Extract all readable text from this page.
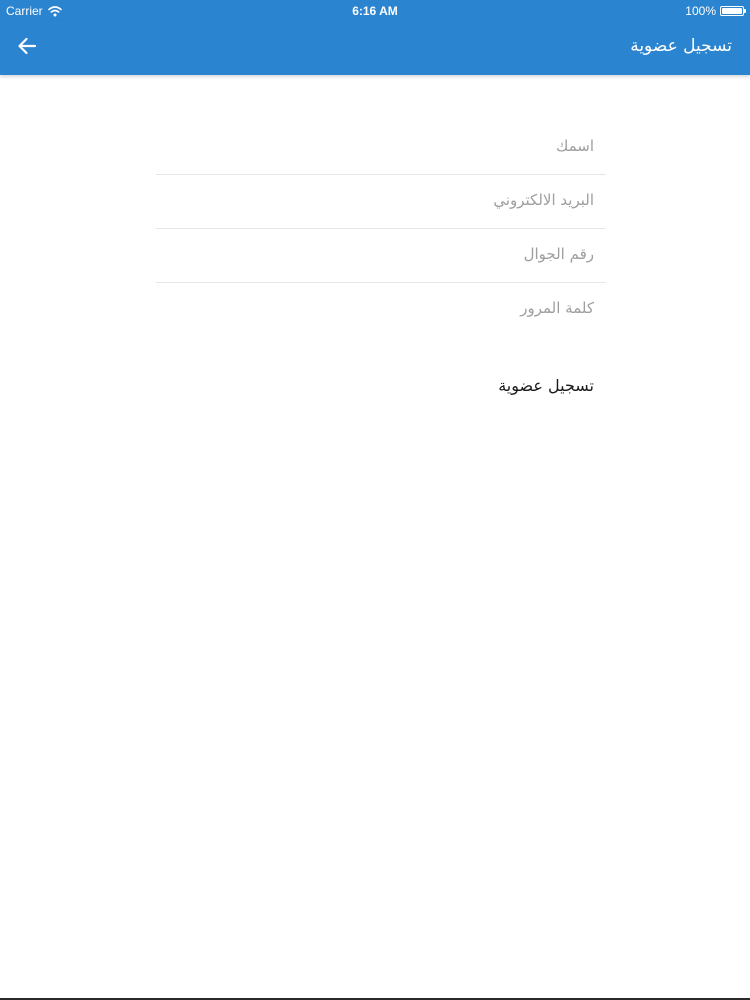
Carrier	6:16 AM	100%
تسجيل عضوية
اسمك
البريد الالكتروني
رقم الجوال
تسجيل عضوية
